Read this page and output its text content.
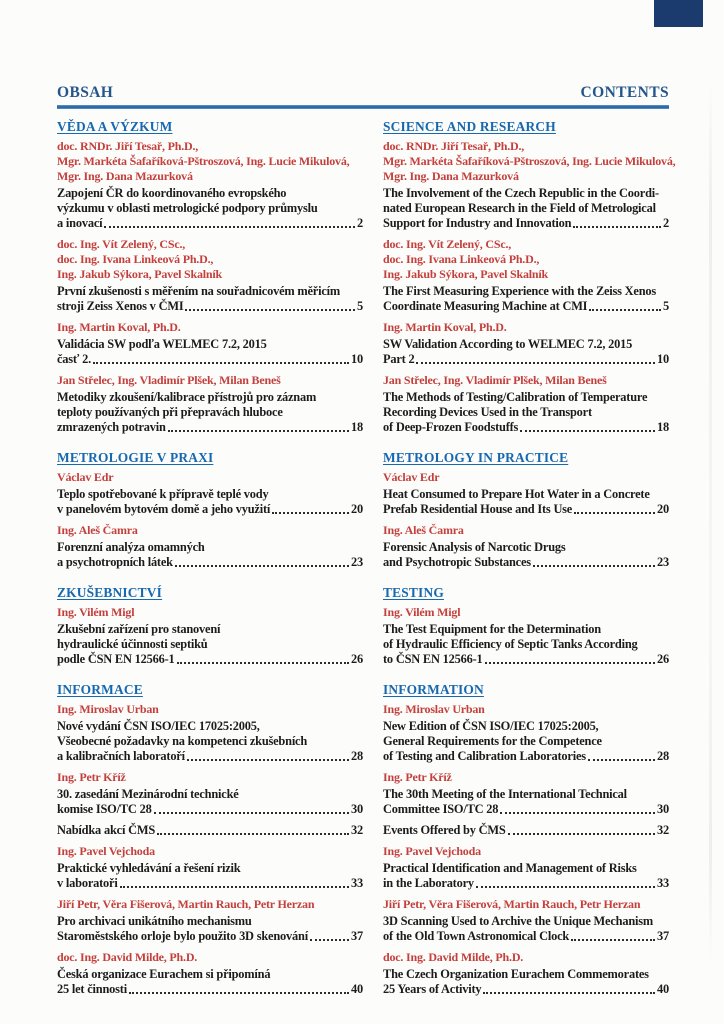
OBSAH	CONTENTS
VĚDA A VÝZKUM
doc. RNDr. Jiří Tesař, Ph.D.,
Mgr. Markéta Šafaříková-Pštroszová, Ing. Lucie Mikulová,
Mgr. Ing. Dana Mazurková
Zapojení ČR do koordinovaného evropského
výzkumu v oblasti metrologické podpory průmyslu
a inovací	2
doc. Ing. Vít Zelený, CSc.,
doc. Ing. Ivana Linkeová Ph.D.,
Ing. Jakub Sýkora, Pavel Skalník
První zkušenosti s měřením na souřadnicovém měřicím
stroji Zeiss Xenos v ČMI	5
Ing. Martin Koval, Ph.D.
Validácia SW podľa WELMEC 7.2, 2015
časť 2.	10
Jan Střelec, Ing. Vladimír Plšek, Milan Beneš
Metodiky zkoušení/kalibrace přístrojů pro záznam
teploty používaných při přepravách hluboce
zmrazených potravin	18
METROLOGIE V PRAXI
Václav Edr
Teplo spotřebované k přípravě teplé vody
v panelovém bytovém domě a jeho využití	20
Ing. Aleš Čamra
Forenzní analýza omamných
a psychotropních látek	23
ZKUŠEBNICTVÍ
Ing. Vilém Migl
Zkušební zařízení pro stanovení
hydraulické účinnosti septiků
podle ČSN EN 12566-1	26
INFORMACE
Ing. Miroslav Urban
Nové vydání ČSN ISO/IEC 17025:2005,
Všeobecné požadavky na kompetenci zkušebních
a kalibračních laboratoří	28
Ing. Petr Kříž
30. zasedání Mezinárodní technické
komise ISO/TC 28	30
Nabídka akcí ČMS	32
Ing. Pavel Vejchoda
Praktické vyhledávání a řešení rizik
v laboratoři	33
Jiří Petr, Věra Fišerová, Martin Rauch, Petr Herzan
Pro archivaci unikátního mechanismu
Staroměstského orloje bylo použito 3D skenování	37
doc. Ing. David Milde, Ph.D.
Česká organizace Eurachem si připomíná
25 let činnosti	40
SCIENCE AND RESEARCH
doc. RNDr. Jiří Tesař, Ph.D.,
Mgr. Markéta Šafaříková-Pštroszová, Ing. Lucie Mikulová,
Mgr. Ing. Dana Mazurková
The Involvement of the Czech Republic in the Coordi-
nated European Research in the Field of Metrological
Support for Industry and Innovation	2
doc. Ing. Vít Zelený, CSc.,
doc. Ing. Ivana Linkeová Ph.D.,
Ing. Jakub Sýkora, Pavel Skalník
The First Measuring Experience with the Zeiss Xenos
Coordinate Measuring Machine at CMI	5
Ing. Martin Koval, Ph.D.
SW Validation According to WELMEC 7.2, 2015
Part 2	10
Jan Střelec, Ing. Vladimír Plšek, Milan Beneš
The Methods of Testing/Calibration of Temperature
Recording Devices Used in the Transport
of Deep-Frozen Foodstuffs	18
METROLOGY IN PRACTICE
Václav Edr
Heat Consumed to Prepare Hot Water in a Concrete
Prefab Residential House and Its Use	20
Ing. Aleš Čamra
Forensic Analysis of Narcotic Drugs
and Psychotropic Substances	23
TESTING
Ing. Vilém Migl
The Test Equipment for the Determination
of Hydraulic Efficiency of Septic Tanks According
to ČSN EN 12566-1	26
INFORMATION
Ing. Miroslav Urban
New Edition of ČSN ISO/IEC 17025:2005,
General Requirements for the Competence
of Testing and Calibration Laboratories	28
Ing. Petr Kříž
The 30th Meeting of the International Technical
Committee ISO/TC 28	30
Events Offered by ČMS	32
Ing. Pavel Vejchoda
Practical Identification and Management of Risks
in the Laboratory	33
Jiří Petr, Věra Fišerová, Martin Rauch, Petr Herzan
3D Scanning Used to Archive the Unique Mechanism
of the Old Town Astronomical Clock	37
doc. Ing. David Milde, Ph.D.
The Czech Organization Eurachem Commemorates
25 Years of Activity	40
